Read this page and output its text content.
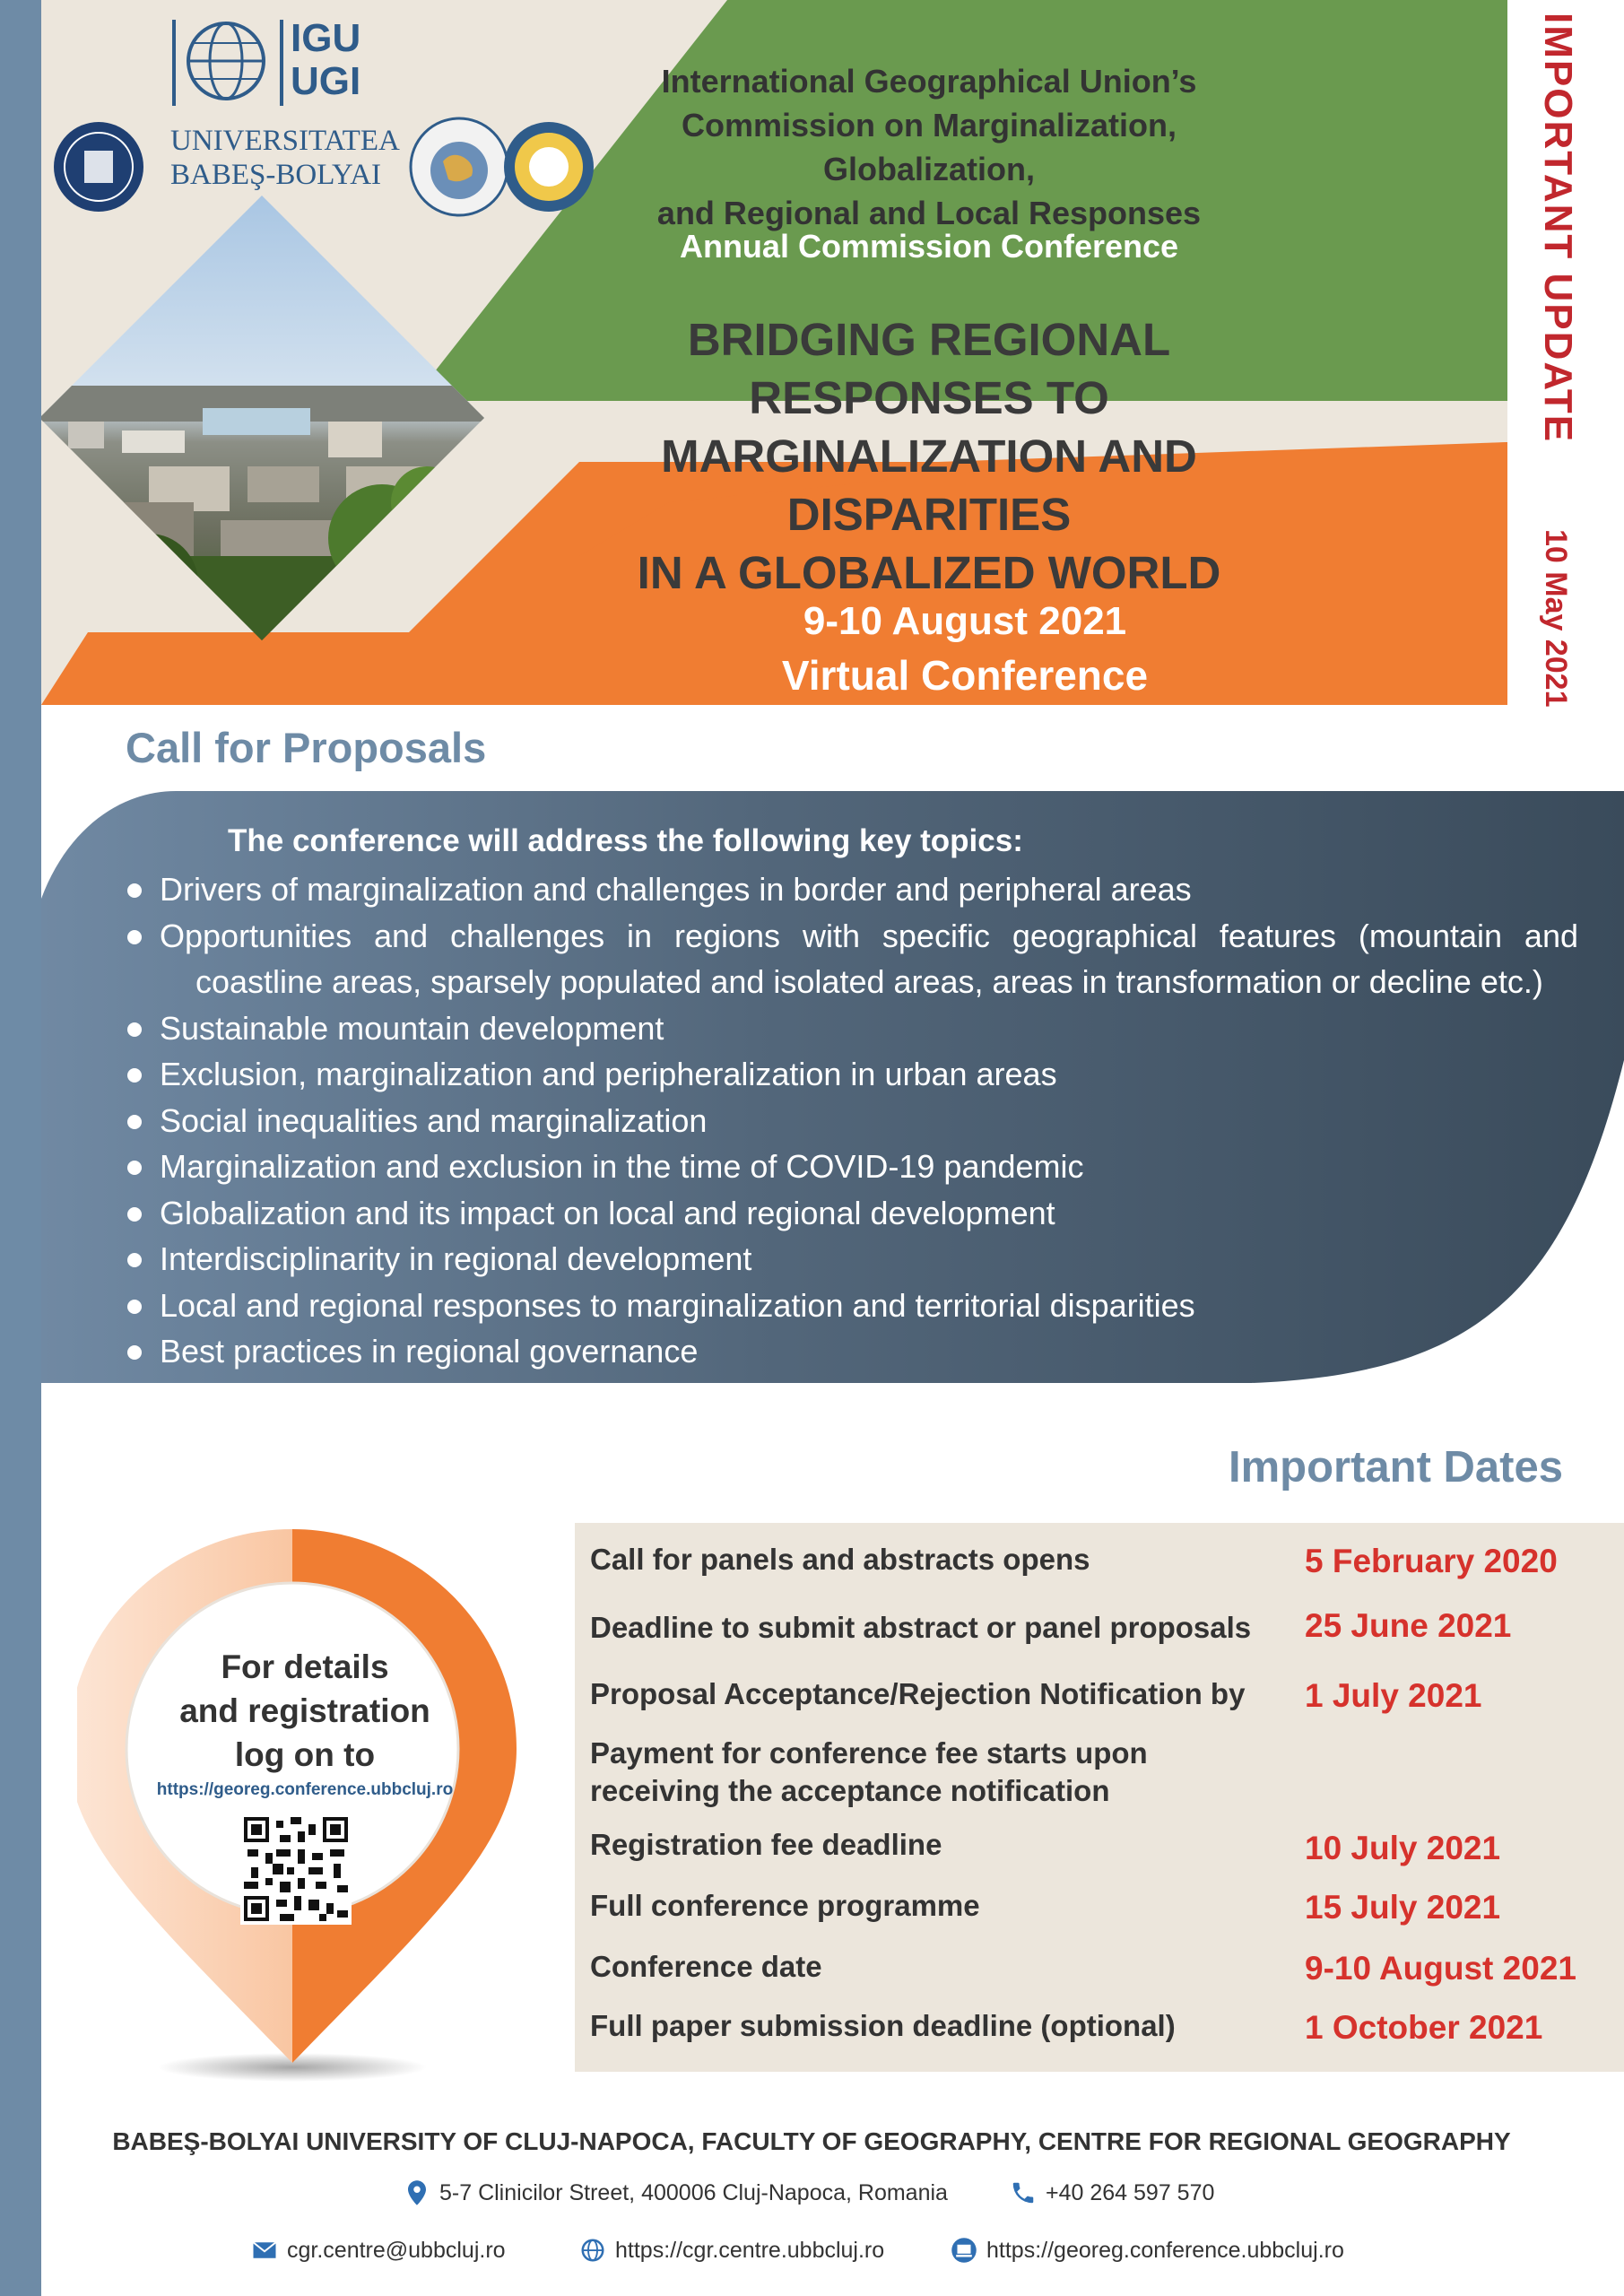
IGU
UGI
UNIVERSITATEA
BABEŞ-BOLYAI
International Geographical Union’s
Commission on Marginalization, Globalization,
and Regional and Local Responses
Annual Commission Conference
BRIDGING REGIONAL RESPONSES TO
MARGINALIZATION AND DISPARITIES
IN A GLOBALIZED WORLD
9-10 August 2021
Virtual Conference
IMPORTANT UPDATE
10 May 2021
Call for Proposals
The conference will address the following key topics:
Drivers of marginalization and challenges in border and peripheral areas
Opportunities and challenges in regions with specific geographical features (mountain and
coastline areas, sparsely populated and isolated areas, areas in transformation or decline etc.)
Sustainable mountain development
Exclusion, marginalization and peripheralization in urban areas
Social inequalities and marginalization
Marginalization and exclusion in the time of COVID-19 pandemic
Globalization and its impact on local and regional development
Interdisciplinarity in regional development
Local and regional responses to marginalization and territorial disparities
Best practices in regional governance
Important Dates
Call for panels and abstracts opens	5 February 2020
Deadline to submit abstract or panel proposals 25 June 2021
Proposal Acceptance/Rejection Notification by 1 July 2021
Payment for conference fee starts upon
receiving the acceptance notification
Registration fee deadline	10 July 2021
Full conference programme	15 July 2021
Conference date	9-10 August 2021
Full paper submission deadline (optional)	1 October 2021
For details
and registration
log on to
https://georeg.conference.ubbcluj.ro
BABEŞ-BOLYAI UNIVERSITY OF CLUJ-NAPOCA, FACULTY OF GEOGRAPHY, CENTRE FOR REGIONAL GEOGRAPHY
5-7 Clinicilor Street, 400006 Cluj-Napoca, Romania	+40 264 597 570
cgr.centre@ubbcluj.ro	https://cgr.centre.ubbcluj.ro	https://georeg.conference.ubbcluj.ro
